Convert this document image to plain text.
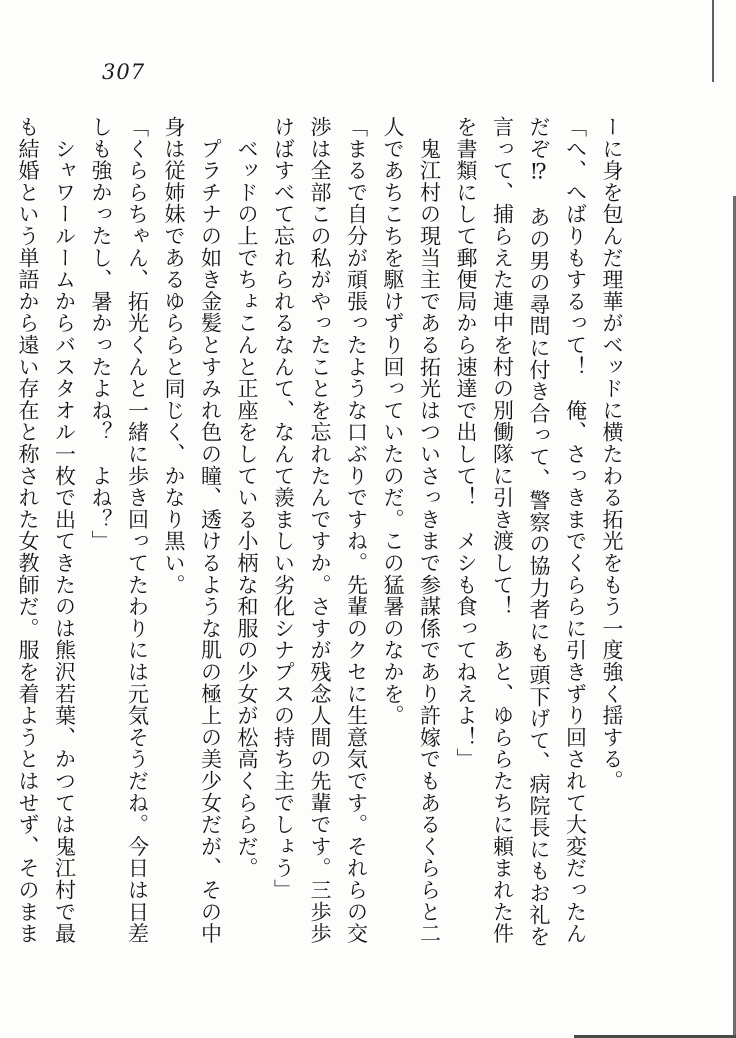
307
ーに身を包んだ理華がベッドに横たわる拓光をもう一度強く揺する。
「へ、へばりもするって！　俺、さっきまでくららに引きずり回されて大変だったん
だぞ⁉　あの男の尋問に付き合って、警察の協力者にも頭下げて、病院長にもお礼を
言って、捕らえた連中を村の別働隊に引き渡して！　あと、ゆららたちに頼まれた件
を書類にして郵便局から速達で出して！　メシも食ってねえよ！」
　鬼江村の現当主である拓光はついさっきまで参謀係であり許嫁でもあるくららと二
人であちこちを駆けずり回っていたのだ。この猛暑のなかを。
「まるで自分が頑張ったような口ぶりですね。先輩のクセに生意気です。それらの交
渉は全部この私がやったことを忘れたんですか。さすが残念人間の先輩です。三歩歩
けばすべて忘れられるなんて、なんて羨ましい劣化シナプスの持ち主でしょう」
　ベッドの上でちょこんと正座をしている小柄な和服の少女が松高くららだ。
　プラチナの如き金髪とすみれ色の瞳、透けるような肌の極上の美少女だが、その中
身は従姉妹であるゆららと同じく、かなり黒い。
「くららちゃん、拓光くんと一緒に歩き回ってたわりには元気そうだね。今日は日差
しも強かったし、暑かったよね？　よね？」
　シャワールームからバスタオル一枚で出てきたのは熊沢若葉、かつては鬼江村で最
も結婚という単語から遠い存在と称された女教師だ。服を着ようとはせず、そのまま
